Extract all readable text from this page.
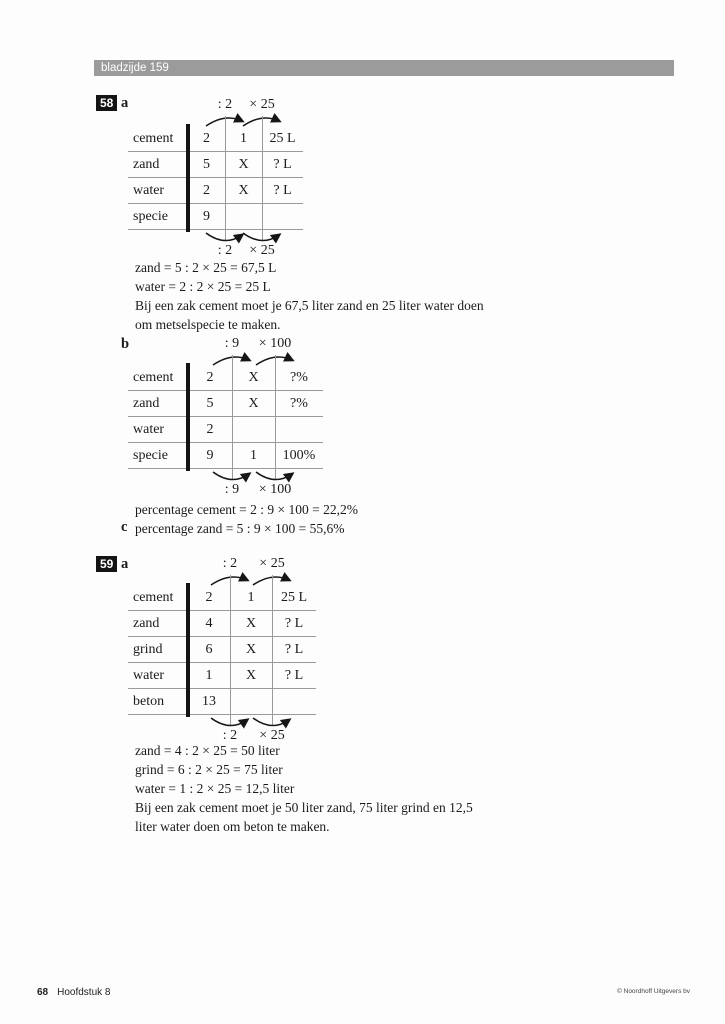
bladzijde 159
58 a	: 2	× 25
cement	2	1	25 L
zand	5	X	? L
water	2	X	? L
specie	9
: 2	× 25
zand = 5 : 2 × 25 = 67,5 L
water = 2 : 2 × 25 = 25 L
Bij een zak cement moet je 67,5 liter zand en 25 liter water doen
om metselspecie te maken.
b	: 9	× 100
cement	2	X	?%
zand	5	X	?%
water	2
specie	9	1	100%
: 9	× 100
percentage cement = 2 : 9 × 100 = 22,2%
c percentage zand = 5 : 9 × 100 = 55,6%
59 a	: 2	× 25
cement	2	1	25 L
zand	4	X	? L
grind	6	X	? L
water	1	X	? L
beton	13
: 2	× 25
zand = 4 : 2 × 25 = 50 liter
grind = 6 : 2 × 25 = 75 liter
water = 1 : 2 × 25 = 12,5 liter
Bij een zak cement moet je 50 liter zand, 75 liter grind en 12,5
liter water doen om beton te maken.
68 Hoofdstuk 8	© Noordhoff Uitgevers bv
